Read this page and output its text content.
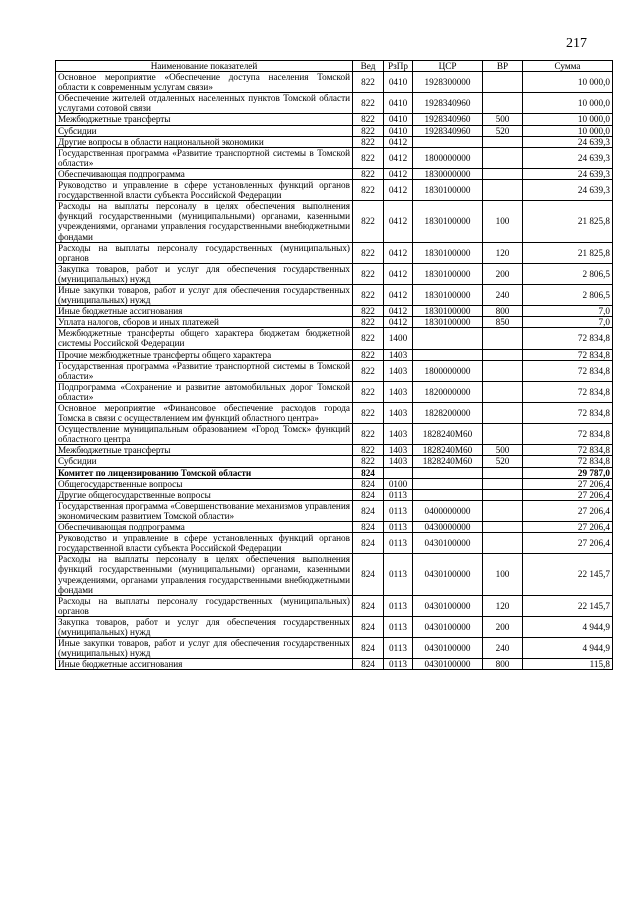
217
Наименование показателей	Вед	РзПр	ЦСР	ВР	Сумма
Основное мероприятие «Обеспечение доступа населения Томской области к современным услугам связи»	822	0410	1928300000		10 000,0
Обеспечение жителей отдаленных населенных пунктов Томской области услугами сотовой связи	822	0410	1928340960		10 000,0
Межбюджетные трансферты	822	0410	1928340960	500	10 000,0
Субсидии	822	0410	1928340960	520	10 000,0
Другие вопросы в области национальной экономики	822	0412			24 639,3
Государственная программа «Развитие транспортной системы в Томской области»	822	0412	1800000000		24 639,3
Обеспечивающая подпрограмма	822	0412	1830000000		24 639,3
Руководство и управление в сфере установленных функций органов государственной власти субъекта Российской Федерации	822	0412	1830100000		24 639,3
Расходы на выплаты персоналу в целях обеспечения выполнения функций государственными (муниципальными) органами, казенными учреждениями, органами управления государственными внебюджетными фондами	822	0412	1830100000	100	21 825,8
Расходы на выплаты персоналу государственных (муниципальных) органов	822	0412	1830100000	120	21 825,8
Закупка товаров, работ и услуг для обеспечения государственных (муниципальных) нужд	822	0412	1830100000	200	2 806,5
Иные закупки товаров, работ и услуг для обеспечения государственных (муниципальных) нужд	822	0412	1830100000	240	2 806,5
Иные бюджетные ассигнования	822	0412	1830100000	800	7,0
Уплата налогов, сборов и иных платежей	822	0412	1830100000	850	7,0
Межбюджетные трансферты общего характера бюджетам бюджетной системы Российской Федерации	822	1400			72 834,8
Прочие межбюджетные трансферты общего характера	822	1403			72 834,8
Государственная программа «Развитие транспортной системы в Томской области»	822	1403	1800000000		72 834,8
Подпрограмма «Сохранение и развитие автомобильных дорог Томской области»	822	1403	1820000000		72 834,8
Основное мероприятие «Финансовое обеспечение расходов города Томска в связи с осуществлением им функций областного центра»	822	1403	1828200000		72 834,8
Осуществление муниципальным образованием «Город Томск» функций областного центра	822	1403	1828240М60		72 834,8
Межбюджетные трансферты	822	1403	1828240М60	500	72 834,8
Субсидии	822	1403	1828240М60	520	72 834,8
Комитет по лицензированию Томской области	824				29 787,0
Общегосударственные вопросы	824	0100			27 206,4
Другие общегосударственные вопросы	824	0113			27 206,4
Государственная программа «Совершенствование механизмов управления экономическим развитием Томской области»	824	0113	0400000000		27 206,4
Обеспечивающая подпрограмма	824	0113	0430000000		27 206,4
Руководство и управление в сфере установленных функций органов государственной власти субъекта Российской Федерации	824	0113	0430100000		27 206,4
Расходы на выплаты персоналу в целях обеспечения выполнения функций государственными (муниципальными) органами, казенными учреждениями, органами управления государственными внебюджетными фондами	824	0113	0430100000	100	22 145,7
Расходы на выплаты персоналу государственных (муниципальных) органов	824	0113	0430100000	120	22 145,7
Закупка товаров, работ и услуг для обеспечения государственных (муниципальных) нужд	824	0113	0430100000	200	4 944,9
Иные закупки товаров, работ и услуг для обеспечения государственных (муниципальных) нужд	824	0113	0430100000	240	4 944,9
Иные бюджетные ассигнования	824	0113	0430100000	800	115,8
